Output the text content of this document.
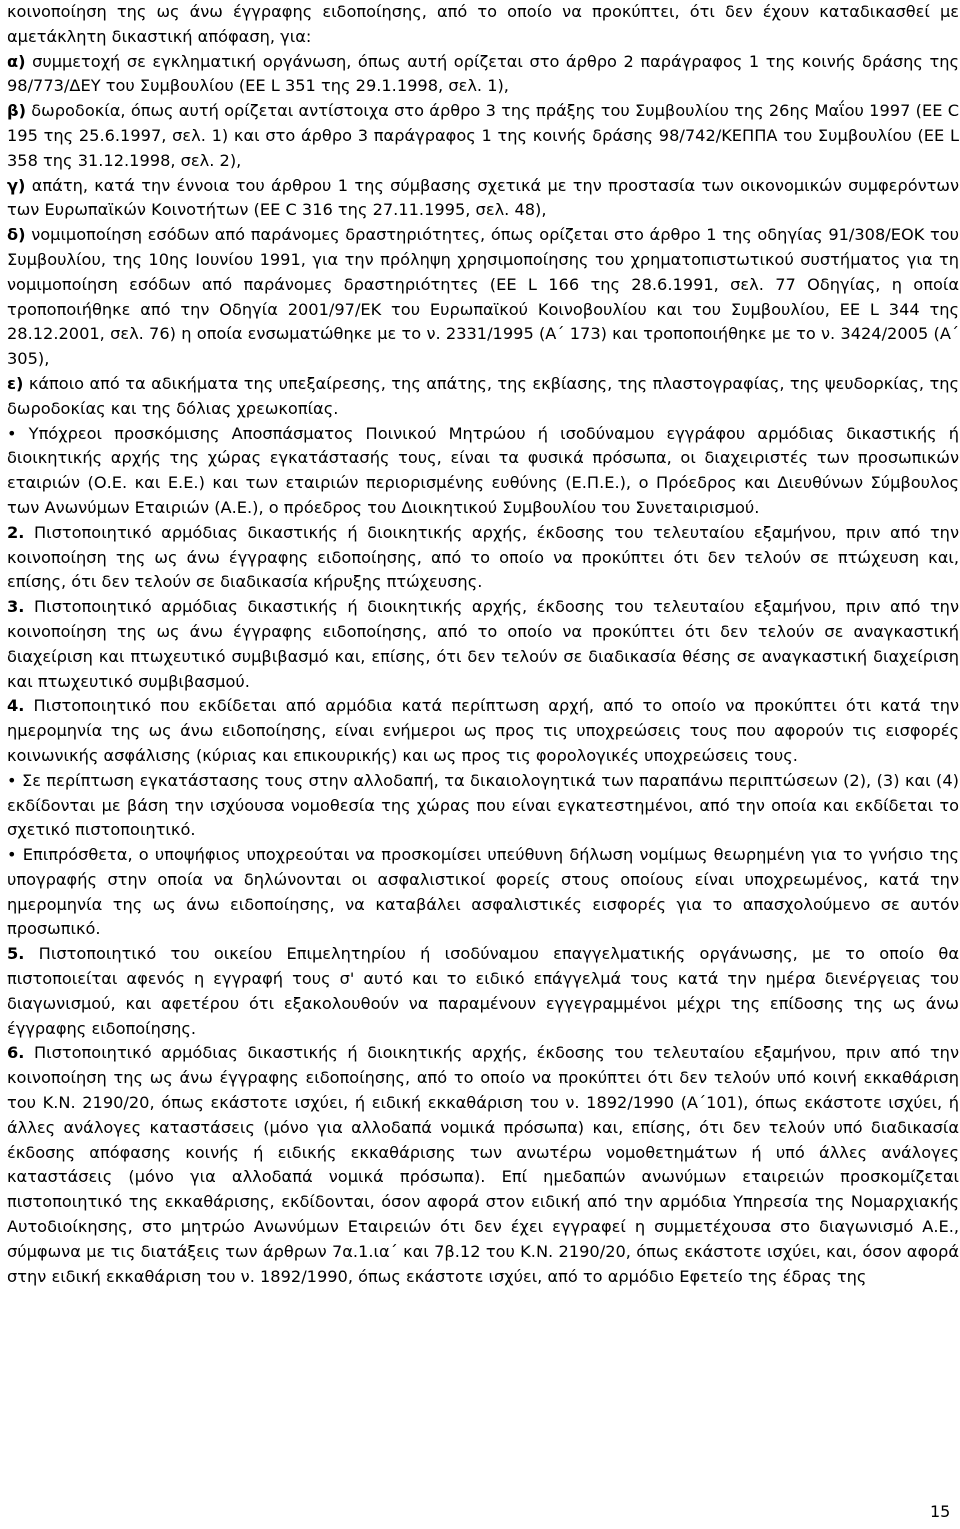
κοινοποίηση της ως άνω έγγραφης ειδοποίησης, από το οποίο να προκύπτει, ότι δεν έχουν καταδικασθεί με αμετάκλητη δικαστική απόφαση, για:

α) συμμετοχή σε εγκληματική οργάνωση, όπως αυτή ορίζεται στο άρθρο 2 παράγραφος 1 της κοινής δράσης της 98/773/ΔΕΥ του Συμβουλίου (ΕΕ L 351 της 29.1.1998, σελ. 1),

β) δωροδοκία, όπως αυτή ορίζεται αντίστοιχα στο άρθρο 3 της πράξης του Συμβουλίου της 26ης Μαΐου 1997 (ΕΕ C 195 της 25.6.1997, σελ. 1) και στο άρθρο 3 παράγραφος 1 της κοινής δράσης 98/742/ΚΕΠΠΑ του Συμβουλίου (ΕΕ L 358 της 31.12.1998, σελ. 2),

γ) απάτη, κατά την έννοια του άρθρου 1 της σύμβασης σχετικά με την προστασία των οικονομικών συμφερόντων των Ευρωπαϊκών Κοινοτήτων (ΕΕ C 316 της 27.11.1995, σελ. 48),

δ) νομιμοποίηση εσόδων από παράνομες δραστηριότητες, όπως ορίζεται στο άρθρο 1 της οδηγίας 91/308/ΕΟΚ του Συμβουλίου, της 10ης Ιουνίου 1991, για την πρόληψη χρησιμοποίησης του χρηματοπιστωτικού συστήματος για τη νομιμοποίηση εσόδων από παράνομες δραστηριότητες (ΕΕ L 166 της 28.6.1991, σελ. 77 Οδηγίας, η οποία τροποποιήθηκε από την Οδηγία 2001/97/ΕΚ του Ευρωπαϊκού Κοινοβουλίου και του Συμβουλίου, ΕΕ L 344 της 28.12.2001, σελ. 76) η οποία ενσωματώθηκε με το ν. 2331/1995 (Α΄ 173) και τροποποιήθηκε με το ν. 3424/2005 (Α΄ 305),

ε) κάποιο από τα αδικήματα της υπεξαίρεσης, της απάτης, της εκβίασης, της πλαστογραφίας, της ψευδορκίας, της δωροδοκίας και της δόλιας χρεωκοπίας.

• Υπόχρεοι προσκόμισης Αποσπάσματος Ποινικού Μητρώου ή ισοδύναμου εγγράφου αρμόδιας δικαστικής ή διοικητικής αρχής της χώρας εγκατάστασής τους, είναι τα φυσικά πρόσωπα, οι διαχειριστές των προσωπικών εταιριών (Ο.Ε. και Ε.Ε.) και των εταιριών περιορισμένης ευθύνης (Ε.Π.Ε.), ο Πρόεδρος και Διευθύνων Σύμβουλος των Ανωνύμων Εταιριών (Α.Ε.), ο πρόεδρος του Διοικητικού Συμβουλίου του Συνεταιρισμού.

2. Πιστοποιητικό αρμόδιας δικαστικής ή διοικητικής αρχής, έκδοσης του τελευταίου εξαμήνου, πριν από την κοινοποίηση της ως άνω έγγραφης ειδοποίησης, από το οποίο να προκύπτει ότι δεν τελούν σε πτώχευση και, επίσης, ότι δεν τελούν σε διαδικασία κήρυξης πτώχευσης.

3. Πιστοποιητικό αρμόδιας δικαστικής ή διοικητικής αρχής, έκδοσης του τελευταίου εξαμήνου, πριν από την κοινοποίηση της ως άνω έγγραφης ειδοποίησης, από το οποίο να προκύπτει ότι δεν τελούν σε αναγκαστική διαχείριση και πτωχευτικό συμβιβασμό και, επίσης, ότι δεν τελούν σε διαδικασία θέσης σε αναγκαστική διαχείριση και πτωχευτικό συμβιβασμού.

4. Πιστοποιητικό που εκδίδεται από αρμόδια κατά περίπτωση αρχή, από το οποίο να προκύπτει ότι κατά την ημερομηνία της ως άνω ειδοποίησης, είναι ενήμεροι ως προς τις υποχρεώσεις τους που αφορούν τις εισφορές κοινωνικής ασφάλισης (κύριας και επικουρικής) και ως προς τις φορολογικές υποχρεώσεις τους.

• Σε περίπτωση εγκατάστασης τους στην αλλοδαπή, τα δικαιολογητικά των παραπάνω περιπτώσεων (2), (3) και (4) εκδίδονται με βάση την ισχύουσα νομοθεσία της χώρας που είναι εγκατεστημένοι, από την οποία και εκδίδεται το σχετικό πιστοποιητικό.

• Επιπρόσθετα, ο υποψήφιος υποχρεούται να προσκομίσει υπεύθυνη δήλωση νομίμως θεωρημένη για το γνήσιο της υπογραφής στην οποία να δηλώνονται οι ασφαλιστικοί φορείς στους οποίους είναι υποχρεωμένος, κατά την ημερομηνία της ως άνω ειδοποίησης, να καταβάλει ασφαλιστικές εισφορές για το απασχολούμενο σε αυτόν προσωπικό.

5. Πιστοποιητικό του οικείου Επιμελητηρίου ή ισοδύναμου επαγγελματικής οργάνωσης, με το οποίο θα πιστοποιείται αφενός η εγγραφή τους σ' αυτό και το ειδικό επάγγελμά τους κατά την ημέρα διενέργειας του διαγωνισμού, και αφετέρου ότι εξακολουθούν να παραμένουν εγγεγραμμένοι μέχρι της επίδοσης της ως άνω έγγραφης ειδοποίησης.

6. Πιστοποιητικό αρμόδιας δικαστικής ή διοικητικής αρχής, έκδοσης του τελευταίου εξαμήνου, πριν από την κοινοποίηση της ως άνω έγγραφης ειδοποίησης, από το οποίο να προκύπτει ότι δεν τελούν υπό κοινή εκκαθάριση του Κ.Ν. 2190/20, όπως εκάστοτε ισχύει, ή ειδική εκκαθάριση του ν. 1892/1990 (Α΄101), όπως εκάστοτε ισχύει, ή άλλες ανάλογες καταστάσεις (μόνο για αλλοδαπά νομικά πρόσωπα) και, επίσης, ότι δεν τελούν υπό διαδικασία έκδοσης απόφασης κοινής ή ειδικής εκκαθάρισης των ανωτέρω νομοθετημάτων ή υπό άλλες ανάλογες καταστάσεις (μόνο για αλλοδαπά νομικά πρόσωπα). Επί ημεδαπών ανωνύμων εταιρειών προσκομίζεται πιστοποιητικό της εκκαθάρισης, εκδίδονται, όσον αφορά στον ειδική από την αρμόδια Υπηρεσία της Νομαρχιακής Αυτοδιοίκησης, στο μητρώο Ανωνύμων Εταιρειών ότι δεν έχει εγγραφεί η συμμετέχουσα στο διαγωνισμό Α.Ε., σύμφωνα με τις διατάξεις των άρθρων 7α.1.ια΄ και 7β.12 του Κ.Ν. 2190/20, όπως εκάστοτε ισχύει, και, όσον αφορά στην ειδική εκκαθάριση του ν. 1892/1990, όπως εκάστοτε ισχύει, από το αρμόδιο Εφετείο της έδρας της

15
